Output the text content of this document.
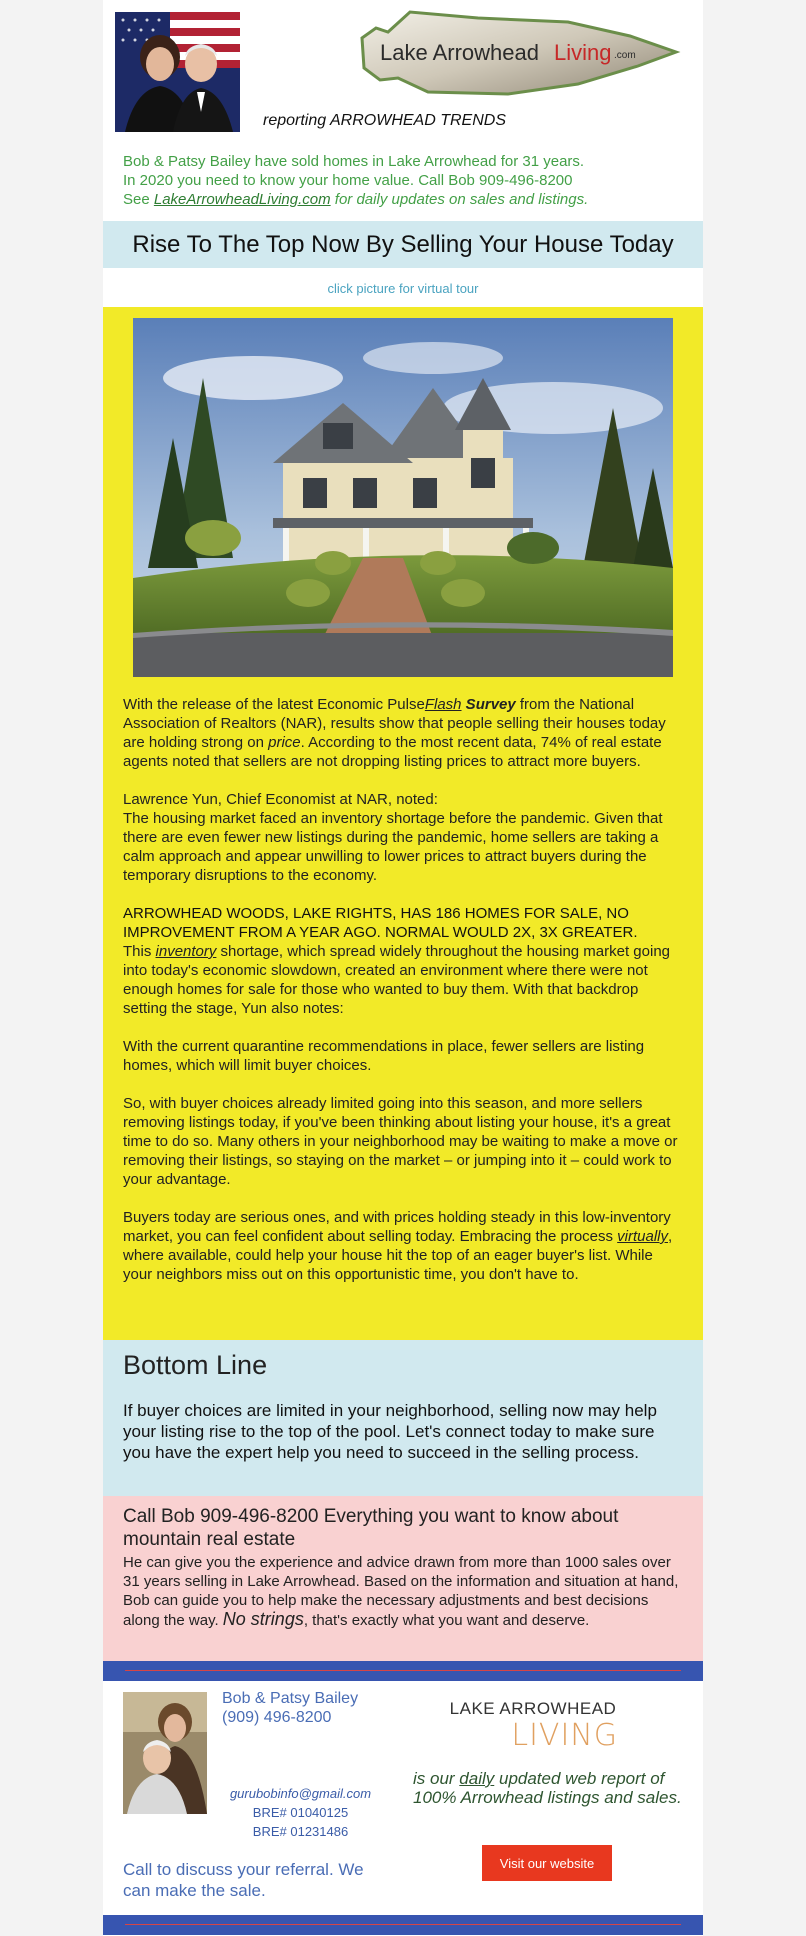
Lake Arrowhead Living .com
reporting ARROWHEAD TRENDS
Bob & Patsy Bailey have sold homes in Lake Arrowhead for 31 years.
In 2020 you need to know your home value. Call Bob 909-496-8200
See LakeArrowheadLiving.com for daily updates on sales and listings.
Rise To The Top Now By Selling Your House Today
click picture for virtual tour

With the release of the latest Economic PulseFlash Survey from the National Association of Realtors (NAR), results show that people selling their houses today are holding strong on price. According to the most recent data, 74% of real estate agents noted that sellers are not dropping listing prices to attract more buyers.

Lawrence Yun, Chief Economist at NAR, noted:
The housing market faced an inventory shortage before the pandemic. Given that there are even fewer new listings during the pandemic, home sellers are taking a calm approach and appear unwilling to lower prices to attract buyers during the temporary disruptions to the economy.

ARROWHEAD WOODS, LAKE RIGHTS, HAS 186 HOMES FOR SALE, NO IMPROVEMENT FROM A YEAR AGO. NORMAL WOULD 2X, 3X GREATER.
This inventory shortage, which spread widely throughout the housing market going into today's economic slowdown, created an environment where there were not enough homes for sale for those who wanted to buy them. With that backdrop setting the stage, Yun also notes:

With the current quarantine recommendations in place, fewer sellers are listing homes, which will limit buyer choices.

So, with buyer choices already limited going into this season, and more sellers removing listings today, if you've been thinking about listing your house, it's a great time to do so. Many others in your neighborhood may be waiting to make a move or removing their listings, so staying on the market – or jumping into it – could work to your advantage.

Buyers today are serious ones, and with prices holding steady in this low-inventory market, you can feel confident about selling today. Embracing the process virtually, where available, could help your house hit the top of an eager buyer's list. While your neighbors miss out on this opportunistic time, you don't have to.

Bottom Line
If buyer choices are limited in your neighborhood, selling now may help your listing rise to the top of the pool. Let's connect today to make sure you have the expert help you need to succeed in the selling process.
Call Bob 909-496-8200 Everything you want to know about mountain real estate
He can give you the experience and advice drawn from more than 1000 sales over 31 years selling in Lake Arrowhead. Based on the information and situation at hand, Bob can guide you to help make the necessary adjustments and best decisions along the way. No strings, that's exactly what you want and deserve.
Bob & Patsy Bailey
(909) 496-8200
gurubobinfo@gmail.com
BRE# 01040125
BRE# 01231486
Call to discuss your referral. We can make the sale.
LAKE ARROWHEAD
LIVING
is our daily updated web report of 100% Arrowhead listings and sales.
Visit our website
